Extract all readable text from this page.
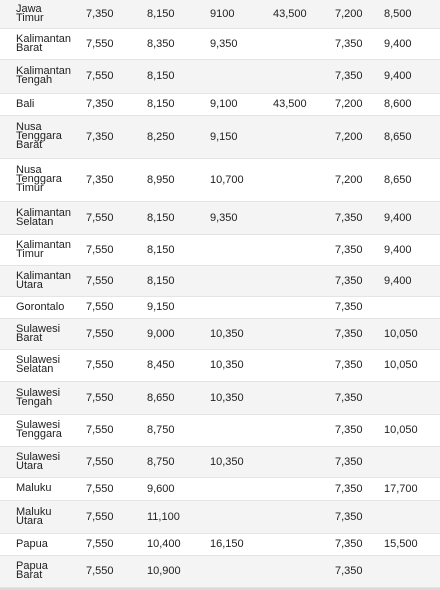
Jawa Timur	7,350	8,150	9100	43,500	7,200	8,500

Kalimantan Barat	7,550	8,350	9,350		7,350	9,400

Kalimantan Tengah	7,550	8,150			7,350	9,400

Bali	7,350	8,150	9,100	43,500	7,200	8,600

Nusa Tenggara Barat	7,350	8,250	9,150		7,200	8,650

Nusa Tenggara Timur	7,350	8,950	10,700		7,200	8,650

Kalimantan Selatan	7,550	8,150	9,350		7,350	9,400

Kalimantan Timur	7,550	8,150			7,350	9,400

Kalimantan Utara	7,550	8,150			7,350	9,400

Gorontalo	7,550	9,150			7,350	

Sulawesi Barat	7,550	9,000	10,350		7,350	10,050

Sulawesi Selatan	7,550	8,450	10,350		7,350	10,050

Sulawesi Tengah	7,550	8,650	10,350		7,350	

Sulawesi Tenggara	7,550	8,750			7,350	10,050

Sulawesi Utara	7,550	8,750	10,350		7,350	

Maluku	7,550	9,600			7,350	17,700

Maluku Utara	7,550	11,100			7,350	

Papua	7,550	10,400	16,150		7,350	15,500

Papua Barat	7,550	10,900			7,350	
